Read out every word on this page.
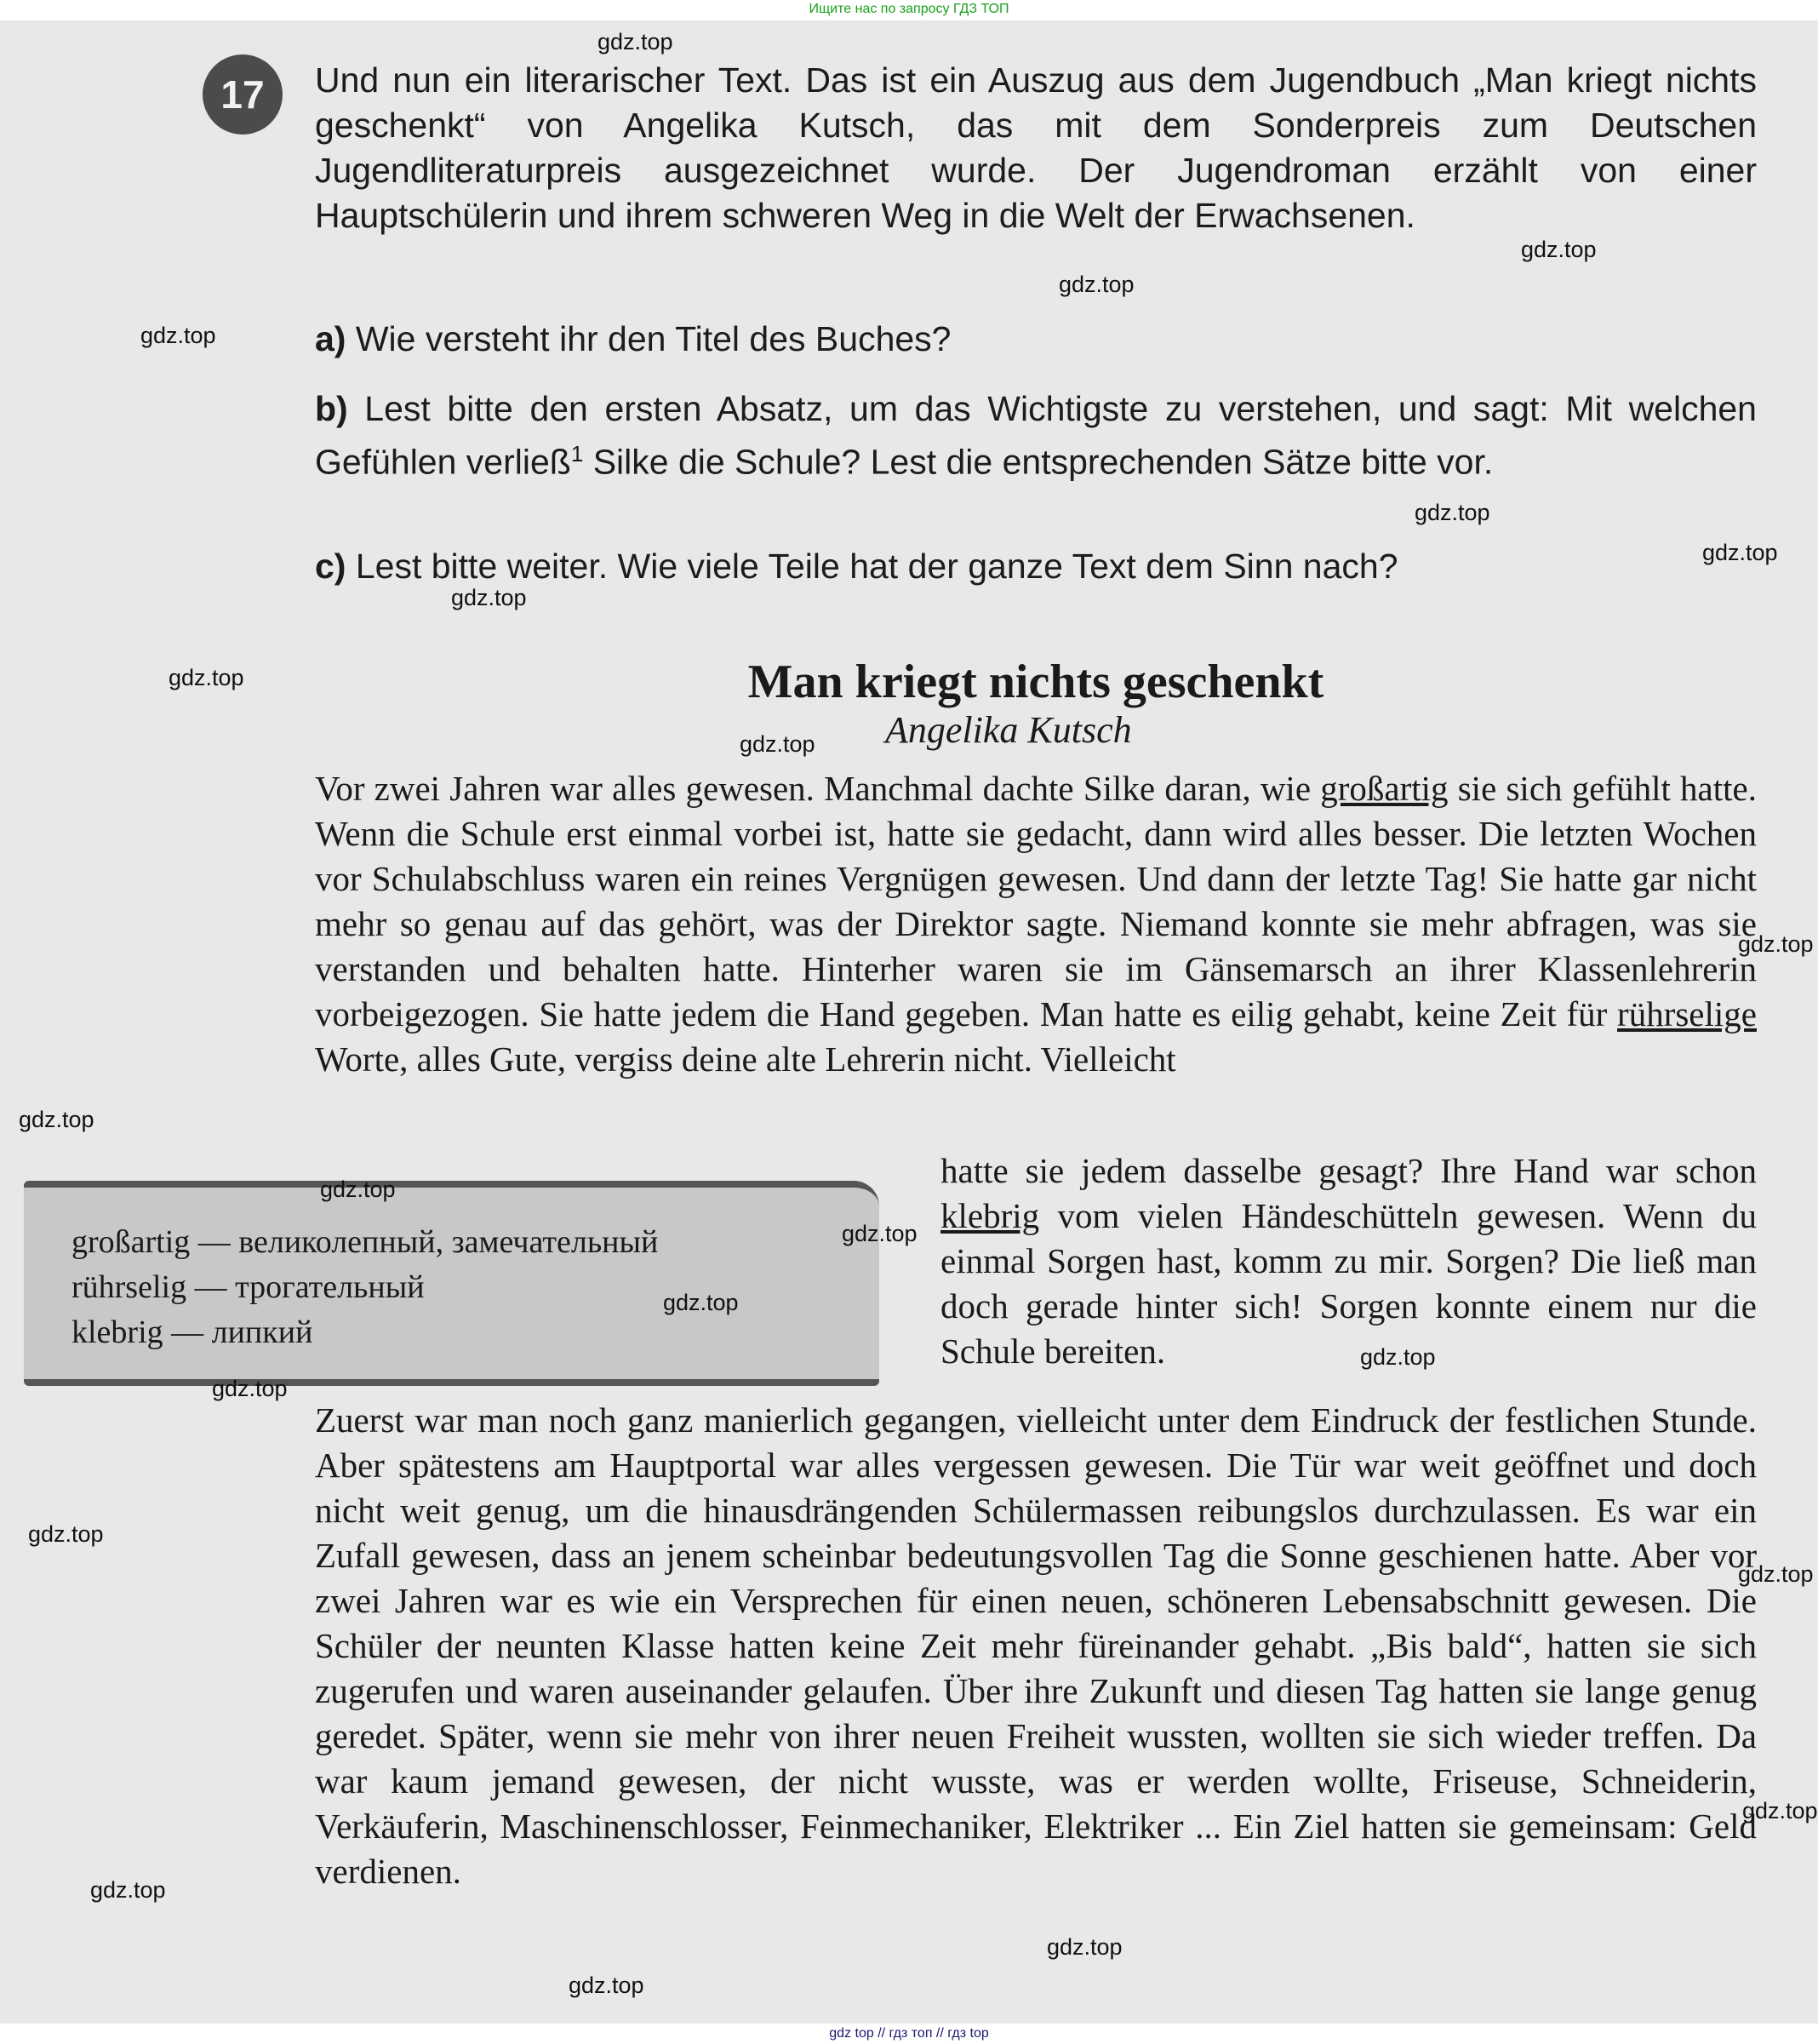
Ищите нас по запросу ГДЗ ТОП
17	Und nun ein literarischer Text. Das ist ein Auszug aus dem Jugendbuch „Man kriegt nichts geschenkt“ von Angelika Kutsch, das mit dem Sonderpreis zum Deutschen Jugendliteraturpreis ausgezeichnet wurde. Der Jugendroman erzählt von einer Hauptschülerin und ihrem schweren Weg in die Welt der Erwachsenen.
a) Wie versteht ihr den Titel des Buches?
b) Lest bitte den ersten Absatz, um das Wichtigste zu verstehen, und sagt: Mit welchen Gefühlen verließ$^1$ Silke die Schule? Lest die entsprechenden Sätze bitte vor.
c) Lest bitte weiter. Wie viele Teile hat der ganze Text dem Sinn nach?
Man kriegt nichts geschenkt
Angelika Kutsch
Vor zwei Jahren war alles gewesen. Manchmal dachte Silke daran, wie großartig sie sich gefühlt hatte. Wenn die Schule erst einmal vorbei ist, hatte sie gedacht, dann wird alles besser. Die letzten Wochen vor Schulabschluss waren ein reines Vergnügen gewesen. Und dann der letzte Tag! Sie hatte gar nicht mehr so genau auf das gehört, was der Direktor sagte. Niemand konnte sie mehr abfragen, was sie verstanden und behalten hatte. Hinterher waren sie im Gänsemarsch an ihrer Klassenlehrerin vorbeigezogen. Sie hatte jedem die Hand gegeben. Man hatte es eilig gehabt, keine Zeit für rührselige Worte, alles Gute, vergiss deine alte Lehrerin nicht. Vielleicht
hatte sie jedem dasselbe gesagt? Ihre Hand war schon klebrig vom vielen Händeschütteln gewesen. Wenn du einmal Sorgen hast, komm zu mir. Sorgen? Die ließ man doch gerade hinter sich! Sorgen konnte einem nur die Schule bereiten.
großartig — великолепный, замечательный
rührselig — трогательный
klebrig — липкий
Zuerst war man noch ganz manierlich gegangen, vielleicht unter dem Eindruck der festlichen Stunde. Aber spätestens am Hauptportal war alles vergessen gewesen. Die Tür war weit geöffnet und doch nicht weit genug, um die hinausdrängenden Schülermassen reibungslos durchzulassen. Es war ein Zufall gewesen, dass an jenem scheinbar bedeutungsvollen Tag die Sonne geschienen hatte. Aber vor zwei Jahren war es wie ein Versprechen für einen neuen, schöneren Lebensabschnitt gewesen. Die Schüler der neunten Klasse hatten keine Zeit mehr füreinander gehabt. „Bis bald“, hatten sie sich zugerufen und waren auseinander gelaufen. Über ihre Zukunft und diesen Tag hatten sie lange genug geredet. Später, wenn sie mehr von ihrer neuen Freiheit wussten, wollten sie sich wieder treffen. Da war kaum jemand gewesen, der nicht wusste, was er werden wollte, Friseuse, Schneiderin, Verkäuferin, Maschinenschlosser, Feinmechaniker, Elektriker ... Ein Ziel hatten sie gemeinsam: Geld verdienen.
gdz.top
gdz.top
gdz.top
gdz.top
gdz.top
gdz.top
gdz.top
gdz.top
gdz.top
gdz.top
gdz.top
gdz.top
gdz.top
gdz.top
gdz.top
gdz.top
gdz.top
gdz.top
gdz.top
gdz.top
gdz.top
gdz.top
gdz top // гдз топ // гдз top
